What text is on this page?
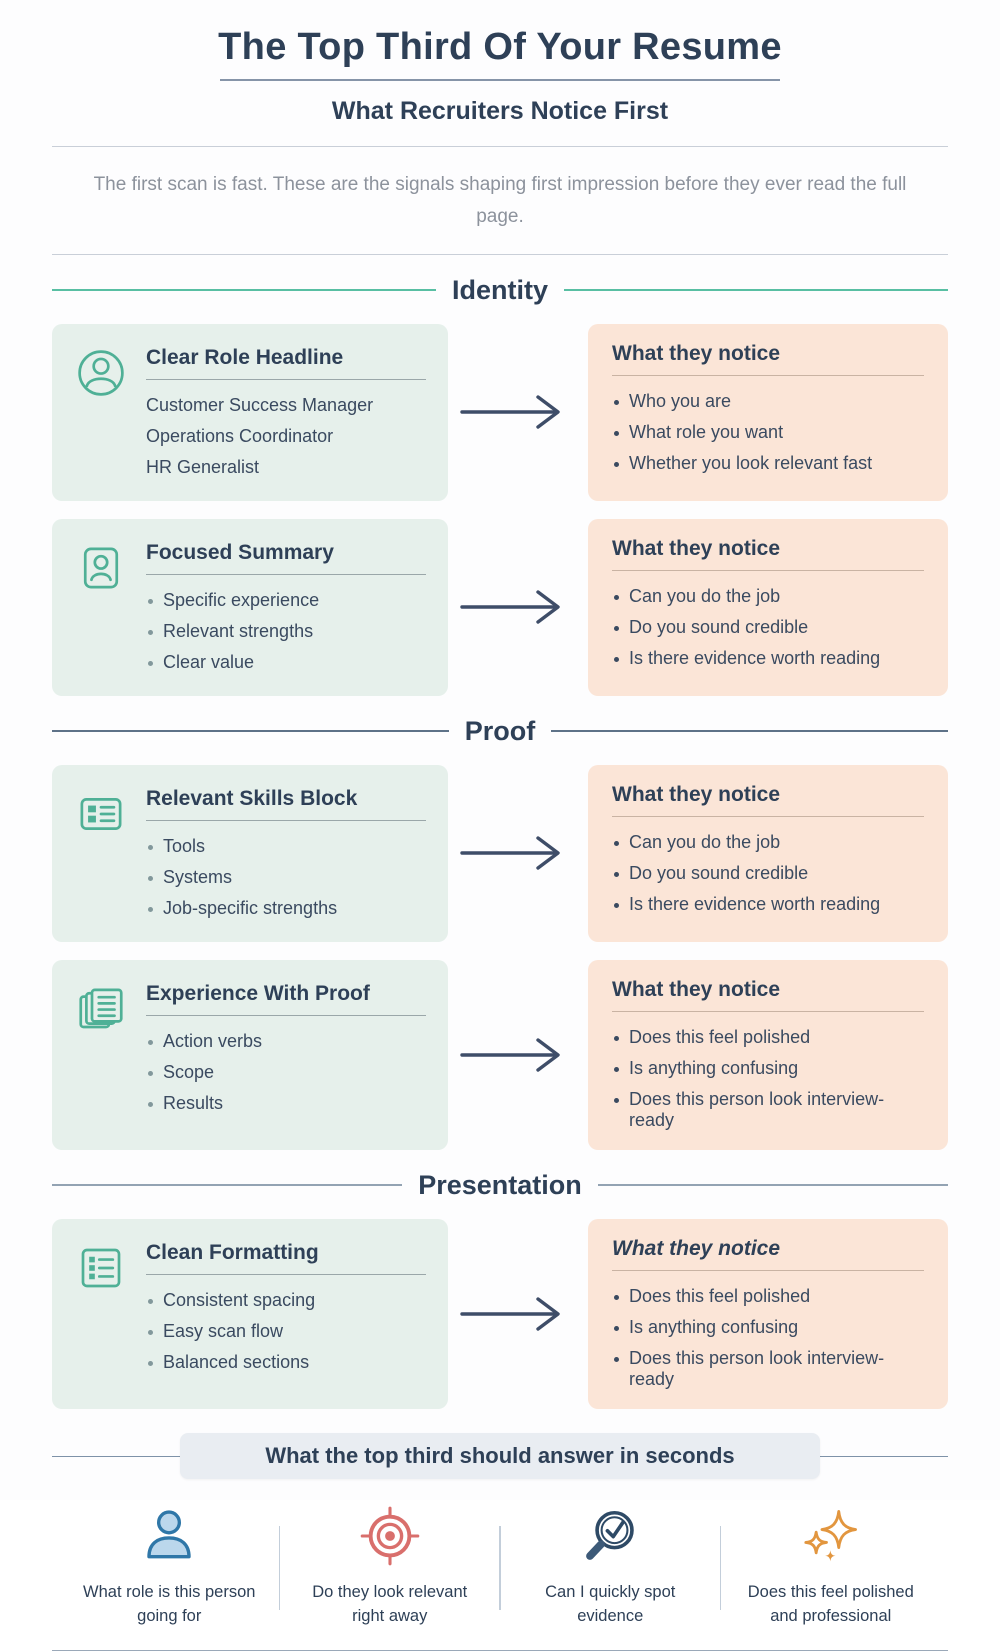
The Top Third Of Your Resume
What Recruiters Notice First
The first scan is fast. These are the signals shaping first impression before they ever read the full page.
Identity
Clear Role Headline
Customer Success Manager
Operations Coordinator
HR Generalist
What they notice
Who you are
What role you want
Whether you look relevant fast
Focused Summary
Specific experience
Relevant strengths
Clear value
What they notice
Can you do the job
Do you sound credible
Is there evidence worth reading
Proof
Relevant Skills Block
Tools
Systems
Job-specific strengths
What they notice
Can you do the job
Do you sound credible
Is there evidence worth reading
Experience With Proof
Action verbs
Scope
Results
What they notice
Does this feel polished
Is anything confusing
Does this person look interview-ready
Presentation
Clean Formatting
Consistent spacing
Easy scan flow
Balanced sections
What they notice
Does this feel polished
Is anything confusing
Does this person look interview-ready
What the top third should answer in seconds
What role is this person going for
Do they look relevant right away
Can I quickly spot evidence
Does this feel polished and professional
